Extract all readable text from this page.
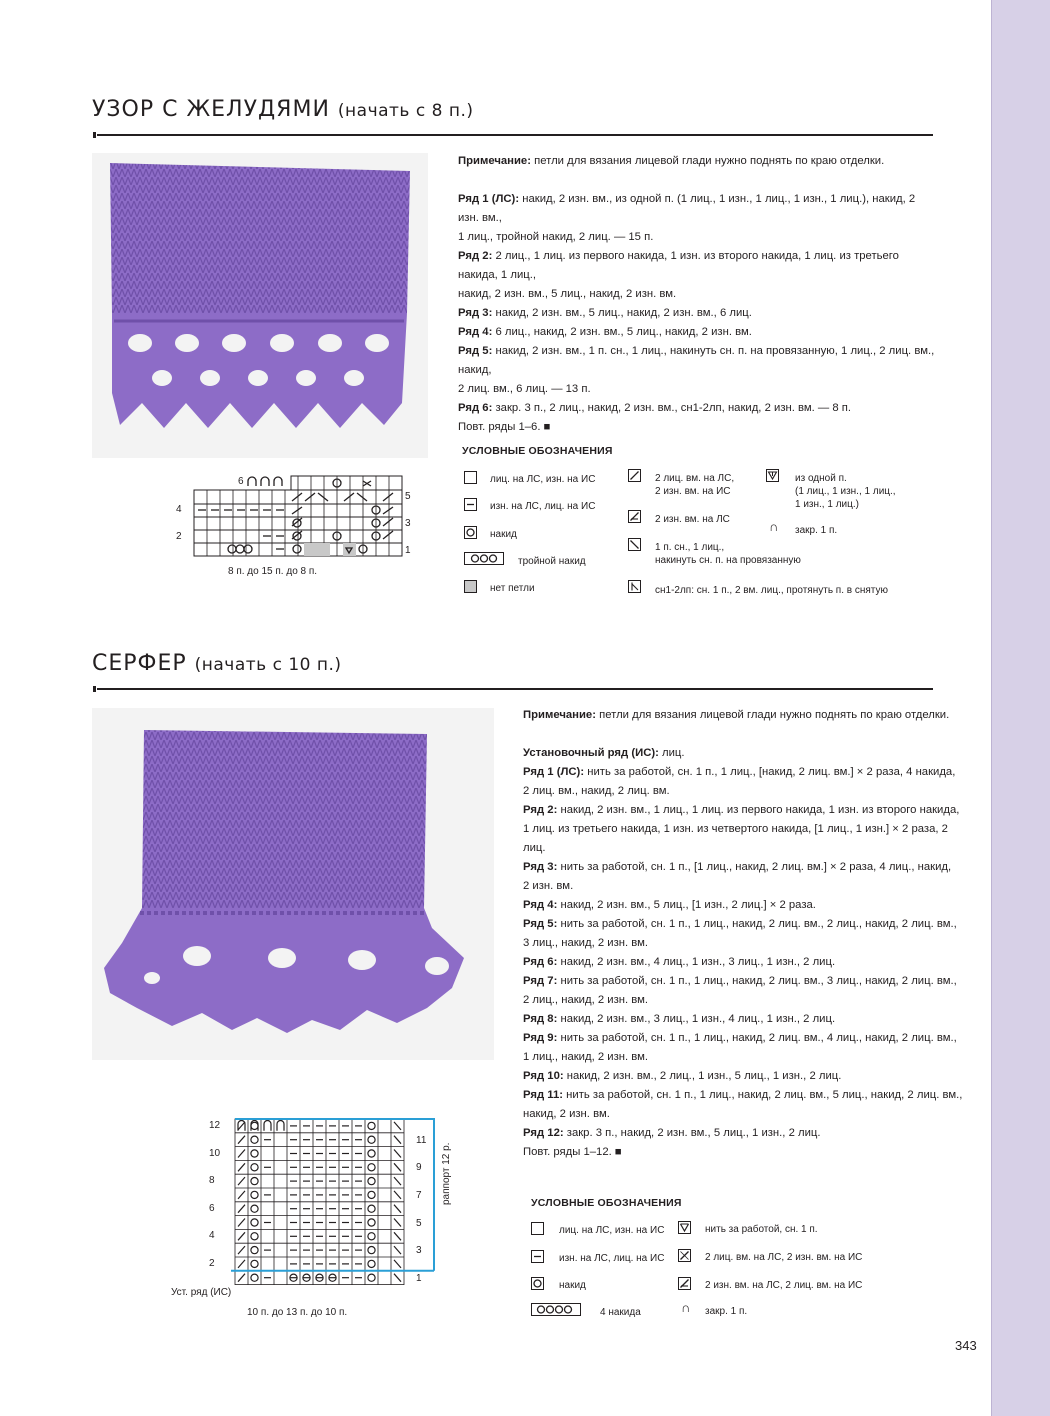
УЗОР С ЖЕЛУДЯМИ (начать с 8 п.)

Примечание: петли для вязания лицевой глади нужно поднять по краю отделки.

Ряд 1 (ЛС): накид, 2 изн. вм., из одной п. (1 лиц., 1 изн., 1 лиц., 1 изн., 1 лиц.), накид, 2 изн. вм.,

1 лиц., тройной накид, 2 лиц. — 15 п.

Ряд 2: 2 лиц., 1 лиц. из первого накида, 1 изн. из второго накида, 1 лиц. из третьего накида, 1 лиц.,

накид, 2 изн. вм., 5 лиц., накид, 2 изн. вм.

Ряд 3: накид, 2 изн. вм., 5 лиц., накид, 2 изн. вм., 6 лиц.

Ряд 4: 6 лиц., накид, 2 изн. вм., 5 лиц., накид, 2 изн. вм.

Ряд 5: накид, 2 изн. вм., 1 п. сн., 1 лиц., накинуть сн. п. на провязанную, 1 лиц., 2 лиц. вм., накид,

2 лиц. вм., 6 лиц. — 13 п.

Ряд 6: закр. 3 п., 2 лиц., накид, 2 изн. вм., сн1-2лп, накид, 2 изн. вм. — 8 п.

Повт. ряды 1–6. ■

4
2
5
3
1
6
8 п. до 15 п. до 8 п.
УСЛОВНЫЕ ОБОЗНАЧЕНИЯ
лиц. на ЛС, изн. на ИС
изн. на ЛС, лиц. на ИС
накид
тройной накид
нет петли
2 лиц. вм. на ЛС,
2 изн. вм. на ИС
2 изн. вм. на ЛС
1 п. сн., 1 лиц.,
накинуть сн. п. на провязанную
сн1-2лп: сн. 1 п., 2 вм. лиц., протянуть п. в снятую
из одной п.
(1 лиц., 1 изн., 1 лиц.,
1 изн., 1 лиц.)
∩ закр. 1 п.
СЕРФЕР (начать с 10 п.)

Примечание: петли для вязания лицевой глади нужно поднять по краю отделки.

Установочный ряд (ИС): лиц.

Ряд 1 (ЛС): нить за работой, сн. 1 п., 1 лиц., [накид, 2 лиц. вм.] × 2 раза, 4 накида,

2 лиц. вм., накид, 2 лиц. вм.

Ряд 2: накид, 2 изн. вм., 1 лиц., 1 лиц. из первого накида, 1 изн. из второго накида,

1 лиц. из третьего накида, 1 изн. из четвертого накида, [1 лиц., 1 изн.] × 2 раза, 2 лиц.

Ряд 3: нить за работой, сн. 1 п., [1 лиц., накид, 2 лиц. вм.] × 2 раза, 4 лиц., накид,

2 изн. вм.

Ряд 4: накид, 2 изн. вм., 5 лиц., [1 изн., 2 лиц.] × 2 раза.

Ряд 5: нить за работой, сн. 1 п., 1 лиц., накид, 2 лиц. вм., 2 лиц., накид, 2 лиц. вм.,

3 лиц., накид, 2 изн. вм.

Ряд 6: накид, 2 изн. вм., 4 лиц., 1 изн., 3 лиц., 1 изн., 2 лиц.

Ряд 7: нить за работой, сн. 1 п., 1 лиц., накид, 2 лиц. вм., 3 лиц., накид, 2 лиц. вм.,

2 лиц., накид, 2 изн. вм.

Ряд 8: накид, 2 изн. вм., 3 лиц., 1 изн., 4 лиц., 1 изн., 2 лиц.

Ряд 9: нить за работой, сн. 1 п., 1 лиц., накид, 2 лиц. вм., 4 лиц., накид, 2 лиц. вм.,

1 лиц., накид, 2 изн. вм.

Ряд 10: накид, 2 изн. вм., 2 лиц., 1 изн., 5 лиц., 1 изн., 2 лиц.

Ряд 11: нить за работой, сн. 1 п., 1 лиц., накид, 2 лиц. вм., 5 лиц., накид, 2 лиц. вм.,

накид, 2 изн. вм.

Ряд 12: закр. 3 п., накид, 2 изн. вм., 5 лиц., 1 изн., 2 лиц.

Повт. ряды 1–12. ■

12
10
8
6
4
2
11
9
7
5
3
1
Уст. ряд (ИС)
10 п. до 13 п. до 10 п.
раппорт 12 р.	УСЛОВНЫЕ ОБОЗНАЧЕНИЯ
лиц. на ЛС, изн. на ИС
изн. на ЛС, лиц. на ИС
накид
4 накида
нить за работой, сн. 1 п.
2 лиц. вм. на ЛС, 2 изн. вм. на ИС
2 изн. вм. на ЛС, 2 лиц. вм. на ИС
∩ закр. 1 п.
343
